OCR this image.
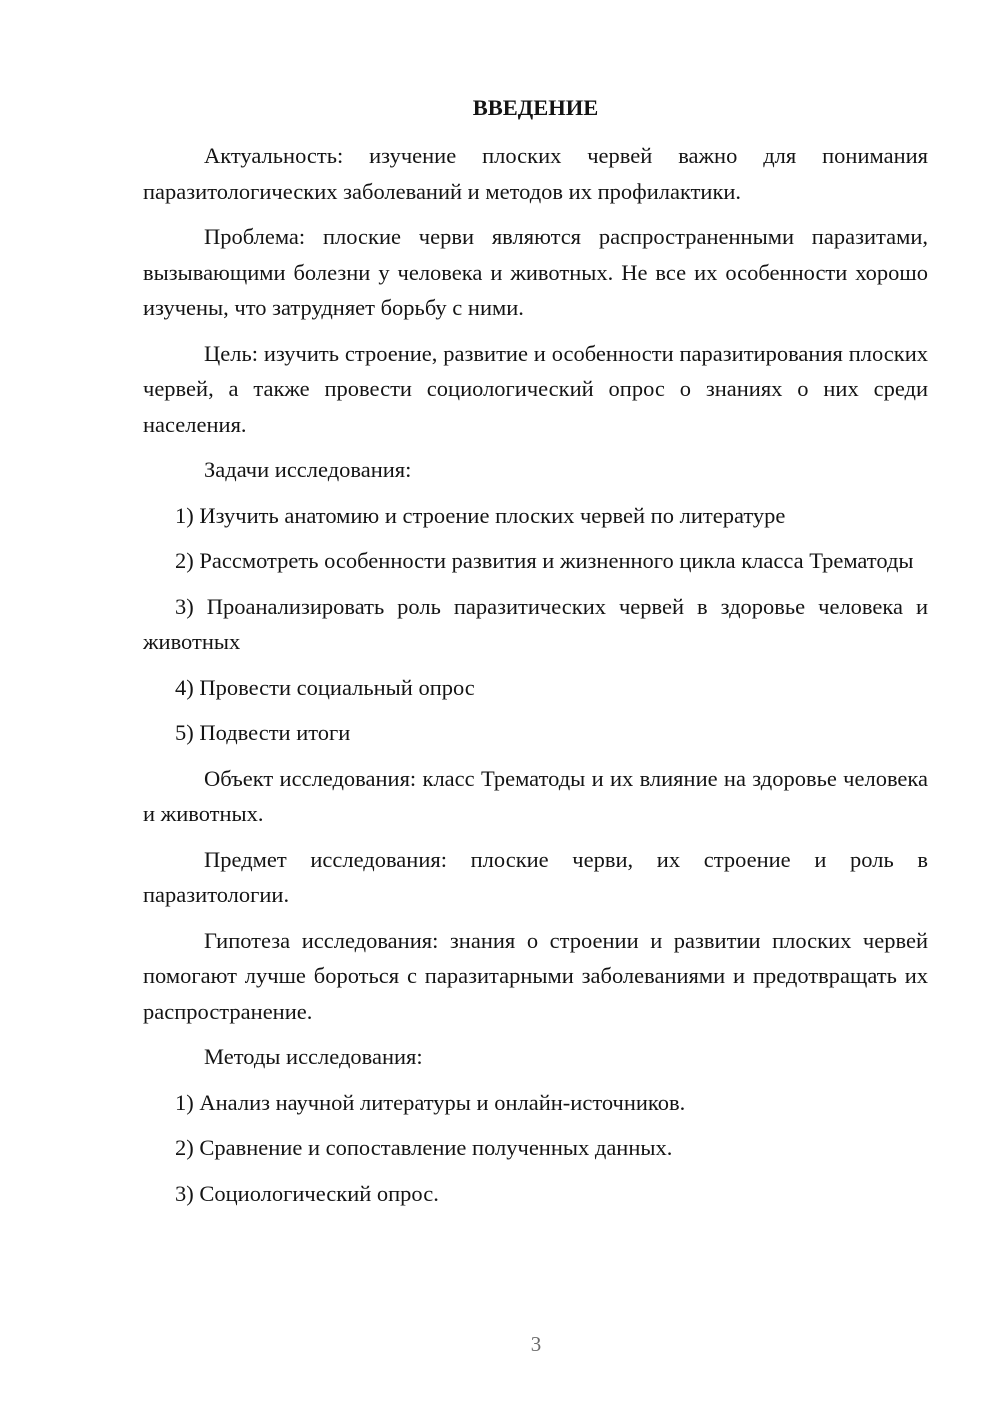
ВВЕДЕНИЕ

Актуальность: изучение плоских червей важно для понимания паразитологических заболеваний и методов их профилактики.

Проблема: плоские черви являются распространенными паразитами, вызывающими болезни у человека и животных. Не все их особенности хорошо изучены, что затрудняет борьбу с ними.

Цель: изучить строение, развитие и особенности паразитирования плоских червей, а также провести социологический опрос о знаниях о них среди населения.

Задачи исследования:

1) Изучить анатомию и строение плоских червей по литературе

2) Рассмотреть особенности развития и жизненного цикла класса Трематоды

3) Проанализировать роль паразитических червей в здоровье человека и животных

4) Провести социальный опрос

5) Подвести итоги

Объект исследования: класс Трематоды и их влияние на здоровье человека и животных.

Предмет исследования: плоские черви, их строение и роль в паразитологии.

Гипотеза исследования: знания о строении и развитии плоских червей помогают лучше бороться с паразитарными заболеваниями и предотвращать их распространение.

Методы исследования:

1) Анализ научной литературы и онлайн-источников.

2) Сравнение и сопоставление полученных данных.

3) Социологический опрос.

3
